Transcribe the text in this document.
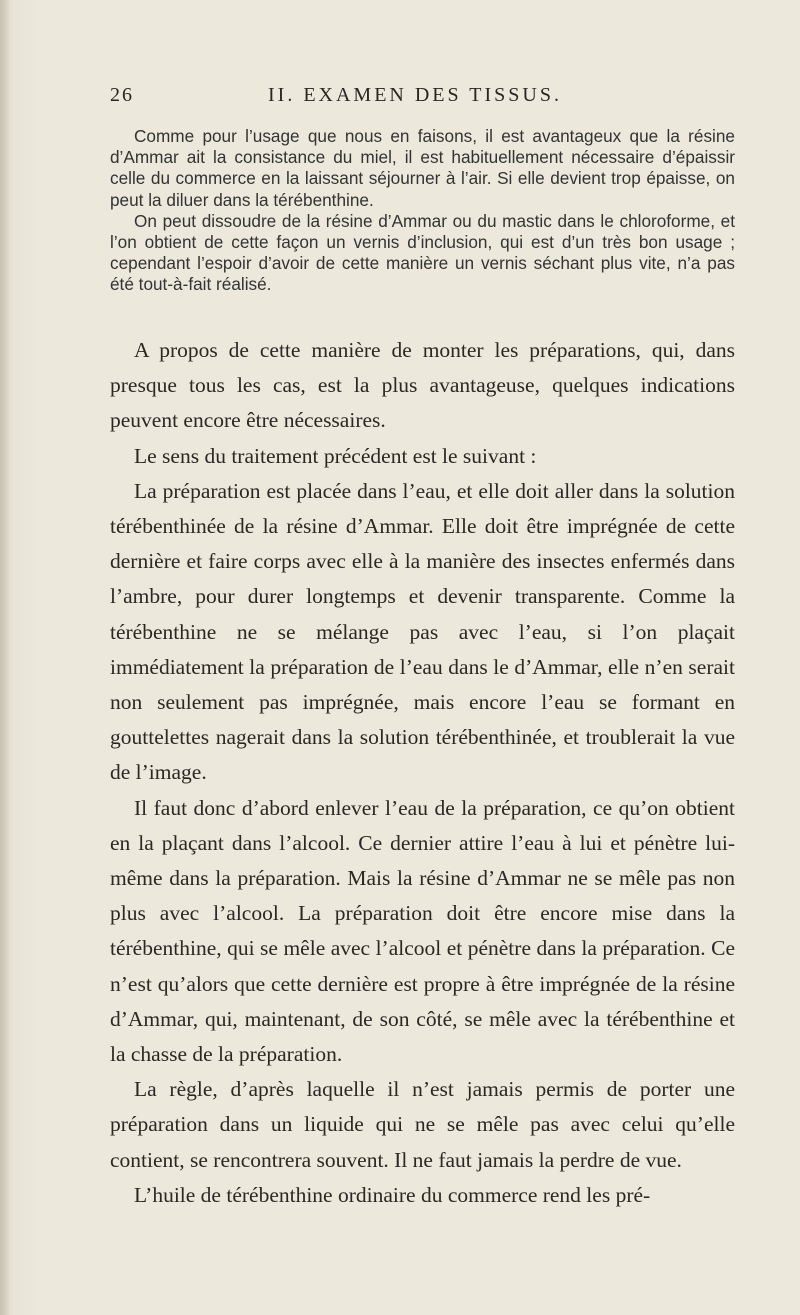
26	II. EXAMEN DES TISSUS.

Comme pour l’usage que nous en faisons, il est avantageux que la résine d’Ammar ait la consistance du miel, il est habituellement nécessaire d’épaissir celle du commerce en la laissant séjourner à l’air. Si elle devient trop épaisse, on peut la diluer dans la térébenthine.

On peut dissoudre de la résine d’Ammar ou du mastic dans le chloroforme, et l’on obtient de cette façon un vernis d’inclusion, qui est d’un très bon usage ; cependant l’espoir d’avoir de cette manière un vernis séchant plus vite, n’a pas été tout-à-fait réalisé.

A propos de cette manière de monter les préparations, qui, dans presque tous les cas, est la plus avantageuse, quelques indications peuvent encore être nécessaires.

Le sens du traitement précédent est le suivant :

La préparation est placée dans l’eau, et elle doit aller dans la solution térébenthinée de la résine d’Ammar. Elle doit être imprégnée de cette dernière et faire corps avec elle à la manière des insectes enfermés dans l’ambre, pour durer longtemps et devenir transparente. Comme la térébenthine ne se mélange pas avec l’eau, si l’on plaçait immédiatement la préparation de l’eau dans le d’Ammar, elle n’en serait non seulement pas imprégnée, mais encore l’eau se formant en gouttelettes nagerait dans la solution térébenthinée, et troublerait la vue de l’image.

Il faut donc d’abord enlever l’eau de la préparation, ce qu’on obtient en la plaçant dans l’alcool. Ce dernier attire l’eau à lui et pénètre lui-même dans la préparation. Mais la résine d’Ammar ne se mêle pas non plus avec l’alcool. La préparation doit être encore mise dans la térébenthine, qui se mêle avec l’alcool et pénètre dans la préparation. Ce n’est qu’alors que cette dernière est propre à être imprégnée de la résine d’Ammar, qui, maintenant, de son côté, se mêle avec la térébenthine et la chasse de la préparation.

La règle, d’après laquelle il n’est jamais permis de porter une préparation dans un liquide qui ne se mêle pas avec celui qu’elle contient, se rencontrera souvent. Il ne faut jamais la perdre de vue.

L’huile de térébenthine ordinaire du commerce rend les pré-
